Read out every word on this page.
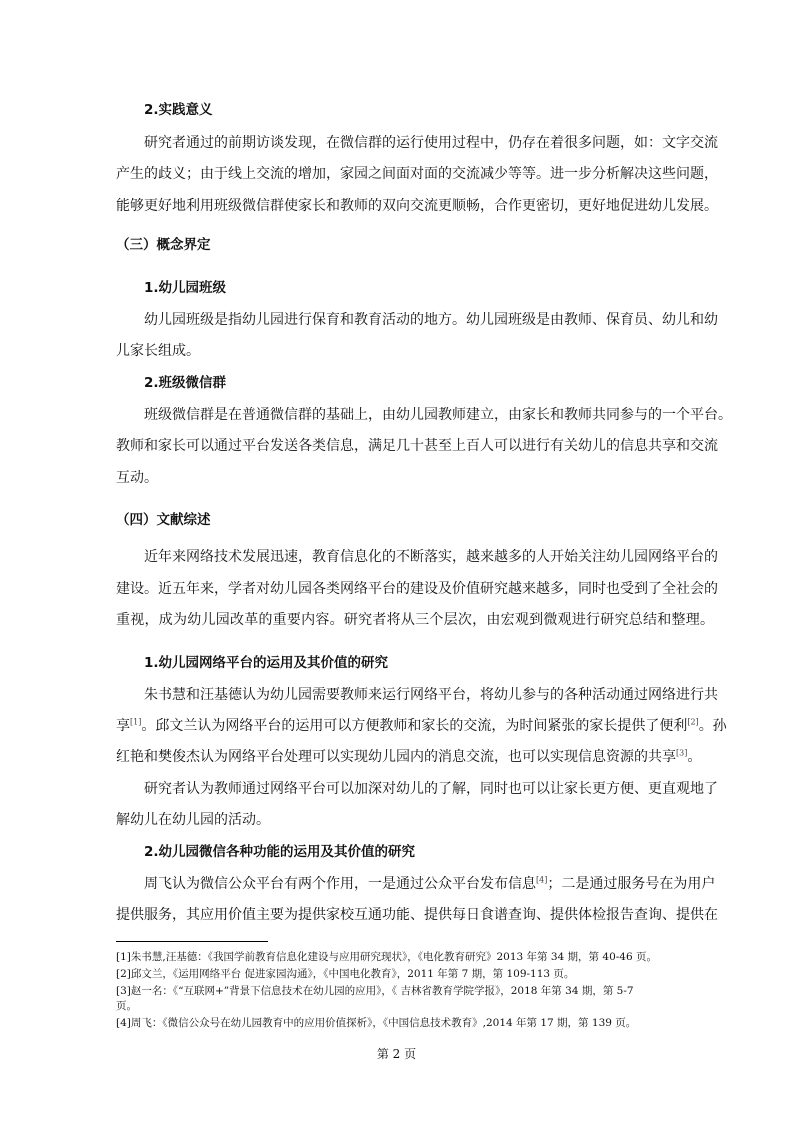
2.实践意义
研究者通过的前期访谈发现，在微信群的运行使用过程中，仍存在着很多问题，如：文字交流
产生的歧义；由于线上交流的增加，家园之间面对面的交流减少等等。进一步分析解决这些问题，
能够更好地利用班级微信群使家长和教师的双向交流更顺畅，合作更密切，更好地促进幼儿发展。
（三）概念界定
1.幼儿园班级
幼儿园班级是指幼儿园进行保育和教育活动的地方。幼儿园班级是由教师、保育员、幼儿和幼
儿家长组成。
2.班级微信群
班级微信群是在普通微信群的基础上，由幼儿园教师建立，由家长和教师共同参与的一个平台。
教师和家长可以通过平台发送各类信息，满足几十甚至上百人可以进行有关幼儿的信息共享和交流
互动。
（四）文献综述
近年来网络技术发展迅速，教育信息化的不断落实，越来越多的人开始关注幼儿园网络平台的
建设。近五年来，学者对幼儿园各类网络平台的建设及价值研究越来越多，同时也受到了全社会的
重视，成为幼儿园改革的重要内容。研究者将从三个层次，由宏观到微观进行研究总结和整理。
1.幼儿园网络平台的运用及其价值的研究
朱书慧和汪基德认为幼儿园需要教师来运行网络平台，将幼儿参与的各种活动通过网络进行共
享[1]。邱文兰认为网络平台的运用可以方便教师和家长的交流，为时间紧张的家长提供了便利[2]。孙
红艳和樊俊杰认为网络平台处理可以实现幼儿园内的消息交流，也可以实现信息资源的共享[3]。
研究者认为教师通过网络平台可以加深对幼儿的了解，同时也可以让家长更方便、更直观地了
解幼儿在幼儿园的活动。
2.幼儿园微信各种功能的运用及其价值的研究
周飞认为微信公众平台有两个作用，一是通过公众平台发布信息[4]；二是通过服务号在为用户
提供服务，其应用价值主要为提供家校互通功能、提供每日食谱查询、提供体检报告查询、提供在
[1]朱书慧,汪基德：《我国学前教育信息化建设与应用研究现状》，《电化教育研究》2013 年第 34 期，第 40-46 页。
[2]邱文兰，《运用网络平台 促进家园沟通》，《中国电化教育》，2011 年第 7 期，第 109-113 页。
[3]赵一名：《“互联网+”背景下信息技术在幼儿园的应用》，《 吉林省教育学院学报》，2018 年第 34 期，第 5-7
页。
[4]周飞：《微信公众号在幼儿园教育中的应用价值探析》，《中国信息技术教育》,2014 年第 17 期，第 139 页。
第 2 页
